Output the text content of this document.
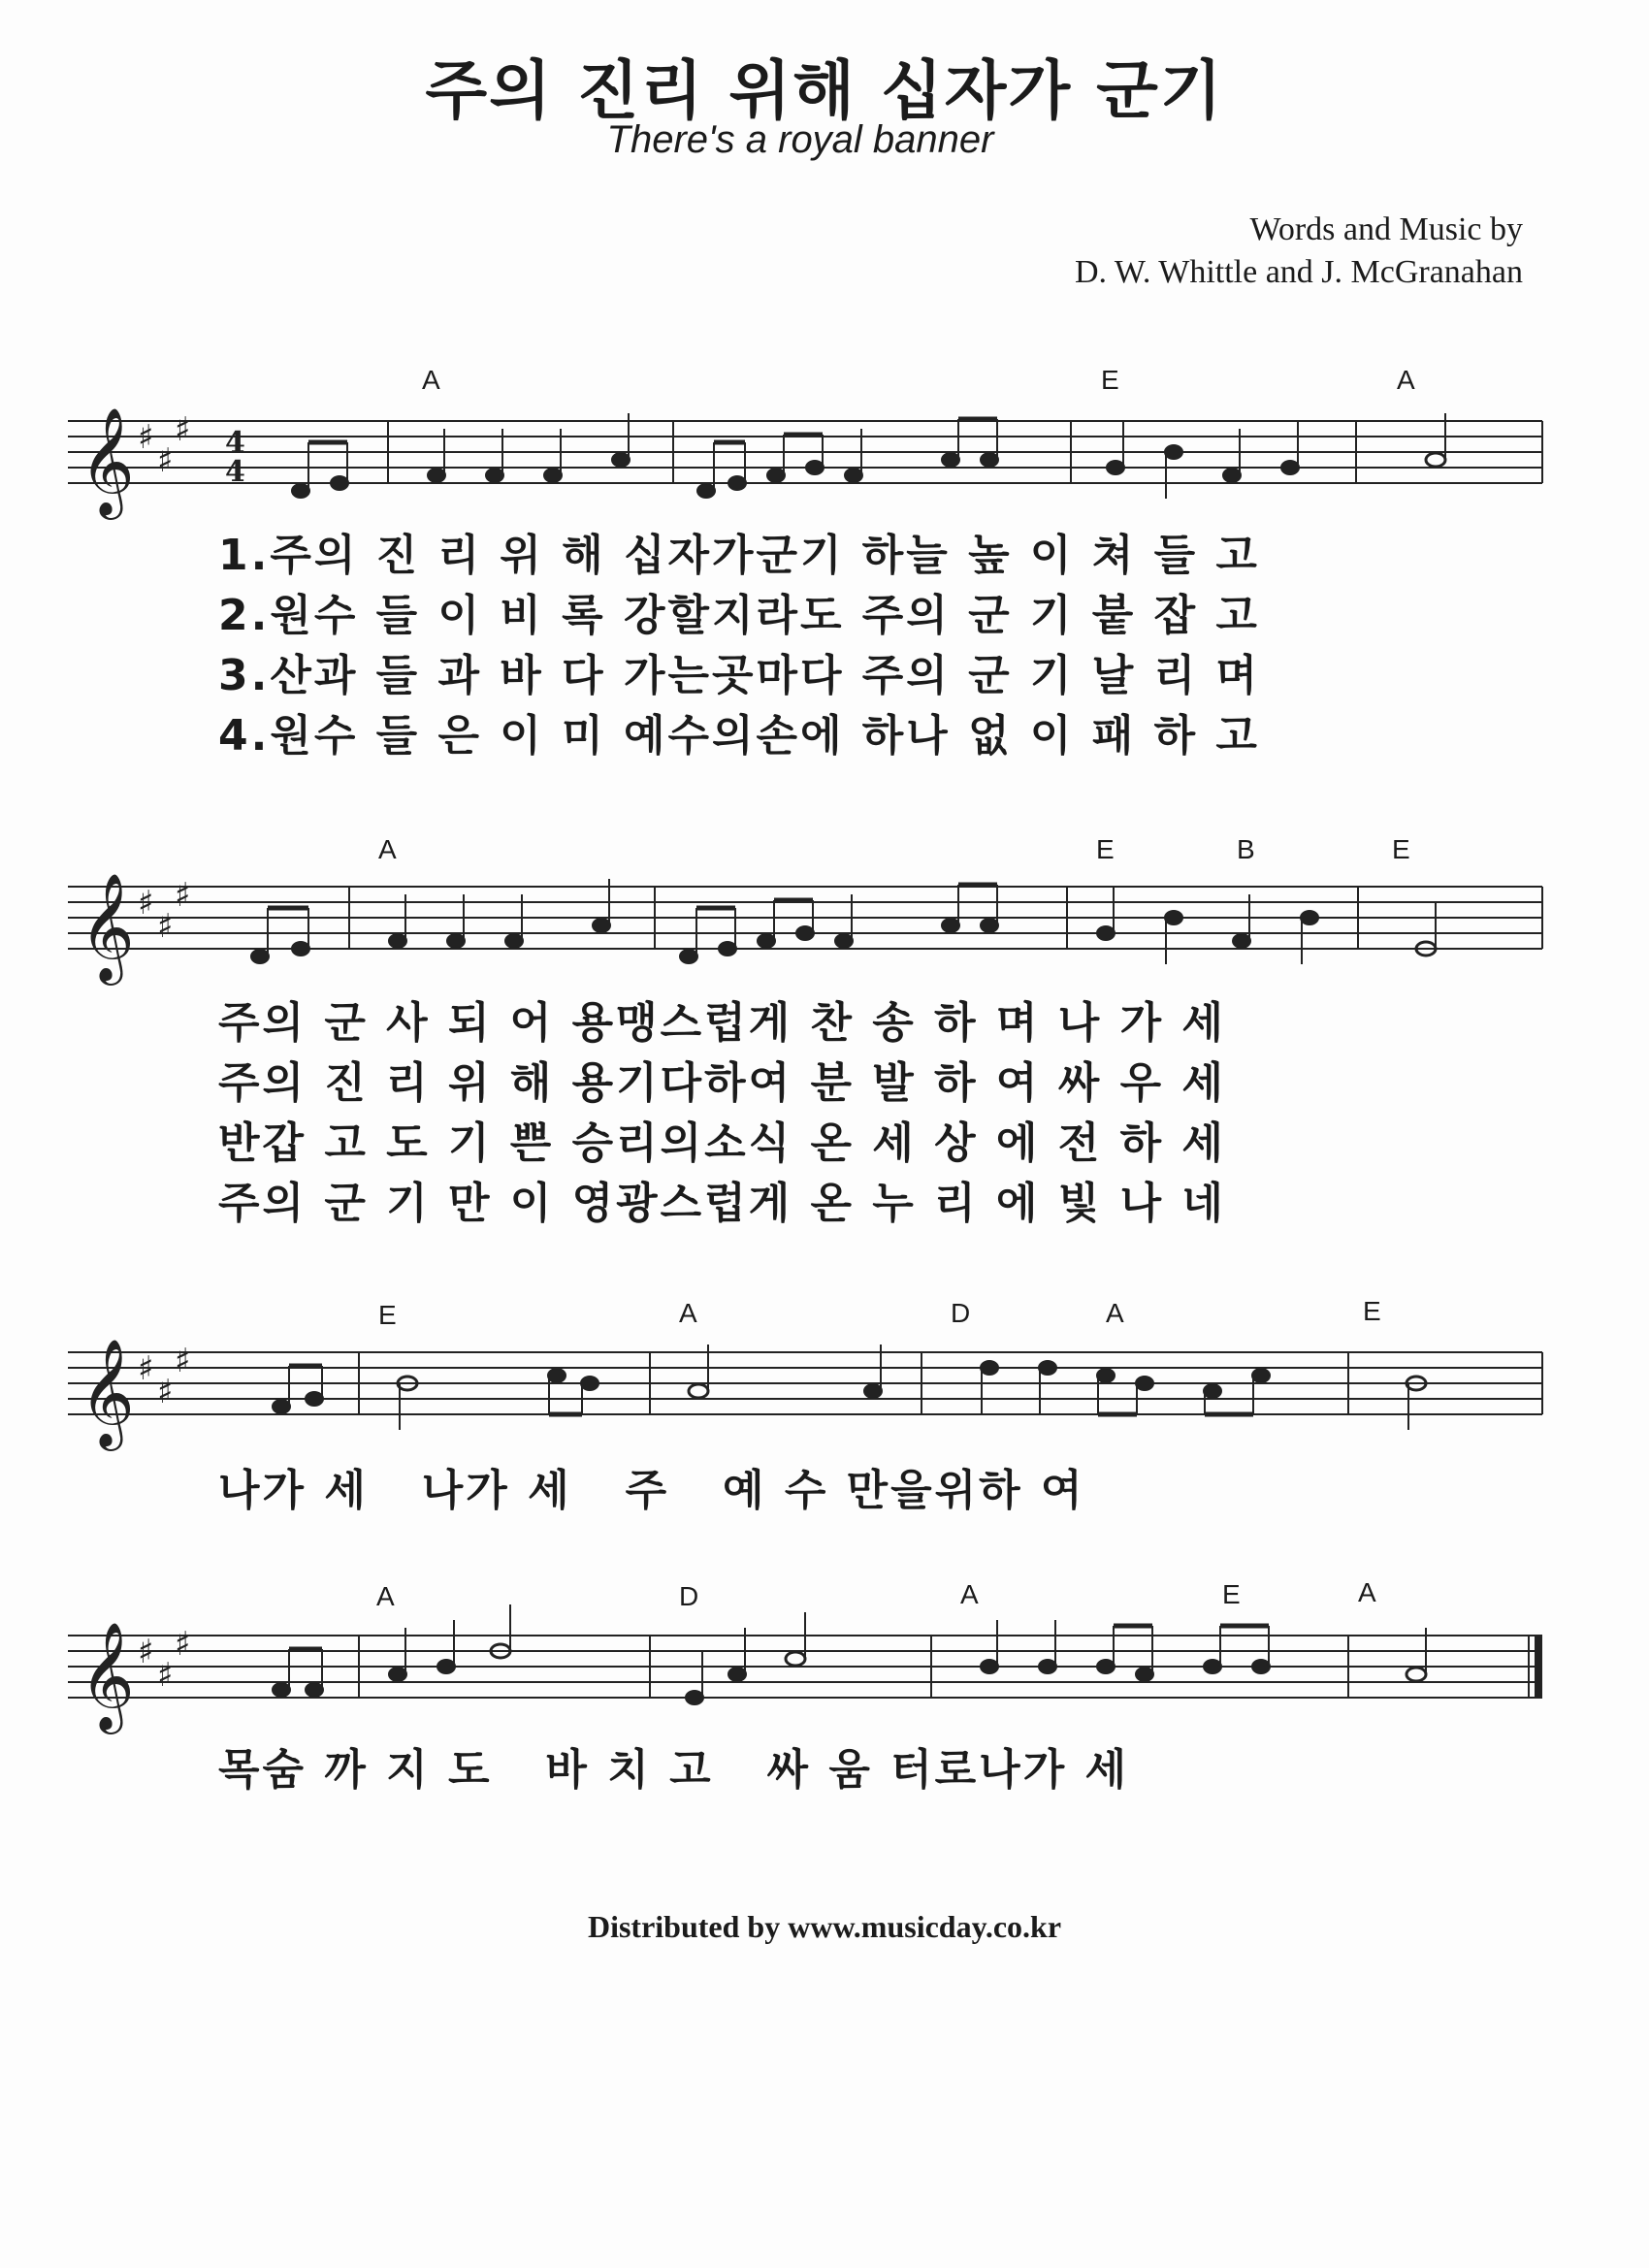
주의 진리 위해 십자가 군기
There's a royal banner
Words and Music by
D. W. Whittle and J. McGranahan
𝄞 ♯
♯
♯ 4
4
A	E	A
1.주의 진 리 위 해 십자가군기 하늘 높 이 쳐 들 고
2.원수 들 이 비 록 강할지라도 주의 군 기 붙 잡 고
3.산과 들 과 바 다 가는곳마다 주의 군 기 날 리 며
4.원수 들 은 이 미 예수의손에 하나 없 이 패 하 고
𝄞 ♯
♯
♯
A	E	B	E
주의 군 사 되 어 용맹스럽게 찬 송 하 며 나 가 세
주의 진 리 위 해 용기다하여 분 발 하 여 싸 우 세
반갑 고 도 기 쁜 승리의소식 온 세 상 에 전 하 세
주의 군 기 만 이 영광스럽게 온 누 리 에 빛 나 네
𝄞 ♯
♯
♯
E	A	D	A	E
나가 세   나가 세   주   예 수 만을위하 여
𝄞 ♯
♯
♯
A	D	A	E	A
목숨 까 지 도   바 치 고   싸 움 터로나가 세
Distributed by www.musicday.co.kr
